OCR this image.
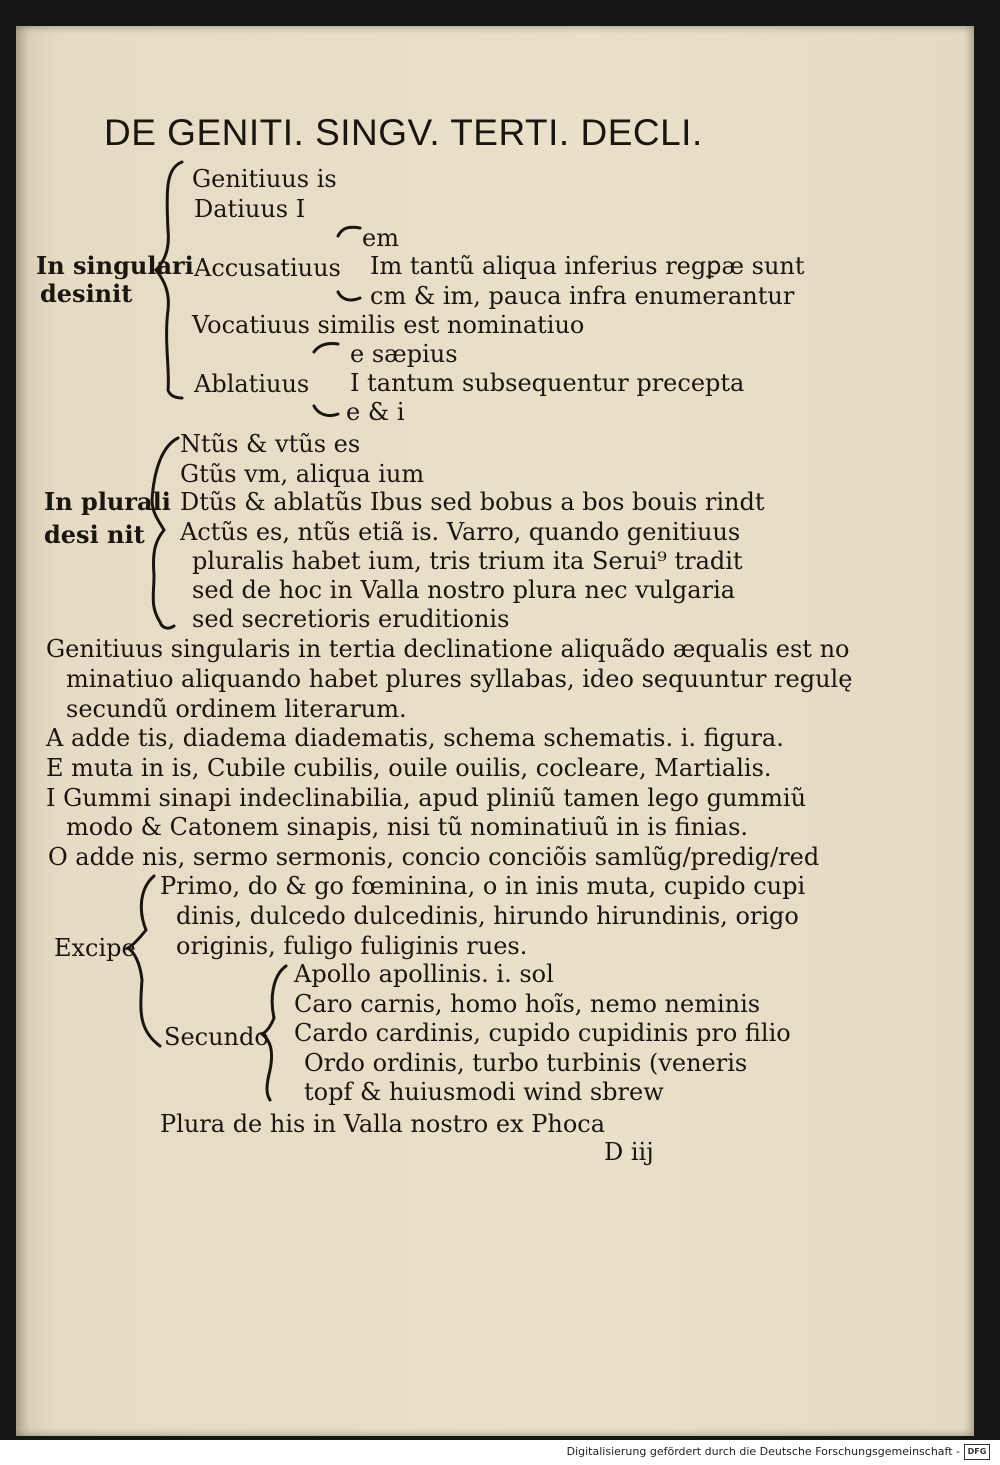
DE GENITI. SINGV. TERTI. DECLI.
In singulari
desinit
Genitiuus is
Datiuus I
em
Accusatiuus Im tantũ aliqua inferius regꝑæ sunt
cm & im, pauca infra enumerantur
Vocatiuus similis est nominatiuo
e sæpius
Ablatiuus I tantum subsequentur precepta
e & i
In plurali
desi nit
Ntũs & vtũs es
Gtũs vm, aliqua ium
Dtũs & ablatũs Ibus sed bobus a bos bouis rindt
Actũs es, ntũs etiã is. Varro, quando genitiuus
pluralis habet ium, tris trium ita Serui⁹ tradit
sed de hoc in Valla nostro plura nec vulgaria
sed secretioris eruditionis
Genitiuus singularis in tertia declinatione aliquãdo æqualis est no
minatiuo aliquando habet plures syllabas, ideo sequuntur regulę
secundũ ordinem literarum.
A adde tis, diadema diadematis, schema schematis. i. figura.
E muta in is, Cubile cubilis, ouile ouilis, cocleare, Martialis.
I Gummi sinapi indeclinabilia, apud pliniũ tamen lego gummiũ
modo & Catonem sinapis, nisi tũ nominatiuũ in is finias.
O adde nis, sermo sermonis, concio conciõis samlũg/predig/red
Excipe
Primo, do & go fœminina, o in inis muta, cupido cupi
dinis, dulcedo dulcedinis, hirundo hirundinis, origo
originis, fuligo fuliginis rues.
Secundo
Apollo apollinis. i. sol
Caro carnis, homo hoĩs, nemo neminis
Cardo cardinis, cupido cupidinis pro filio
Ordo ordinis, turbo turbinis (veneris
topf & huiusmodi wind sbrew
Plura de his in Valla nostro ex Phoca
D iij
Digitalisierung gefördert durch die Deutsche Forschungsgemeinschaft - DFG
